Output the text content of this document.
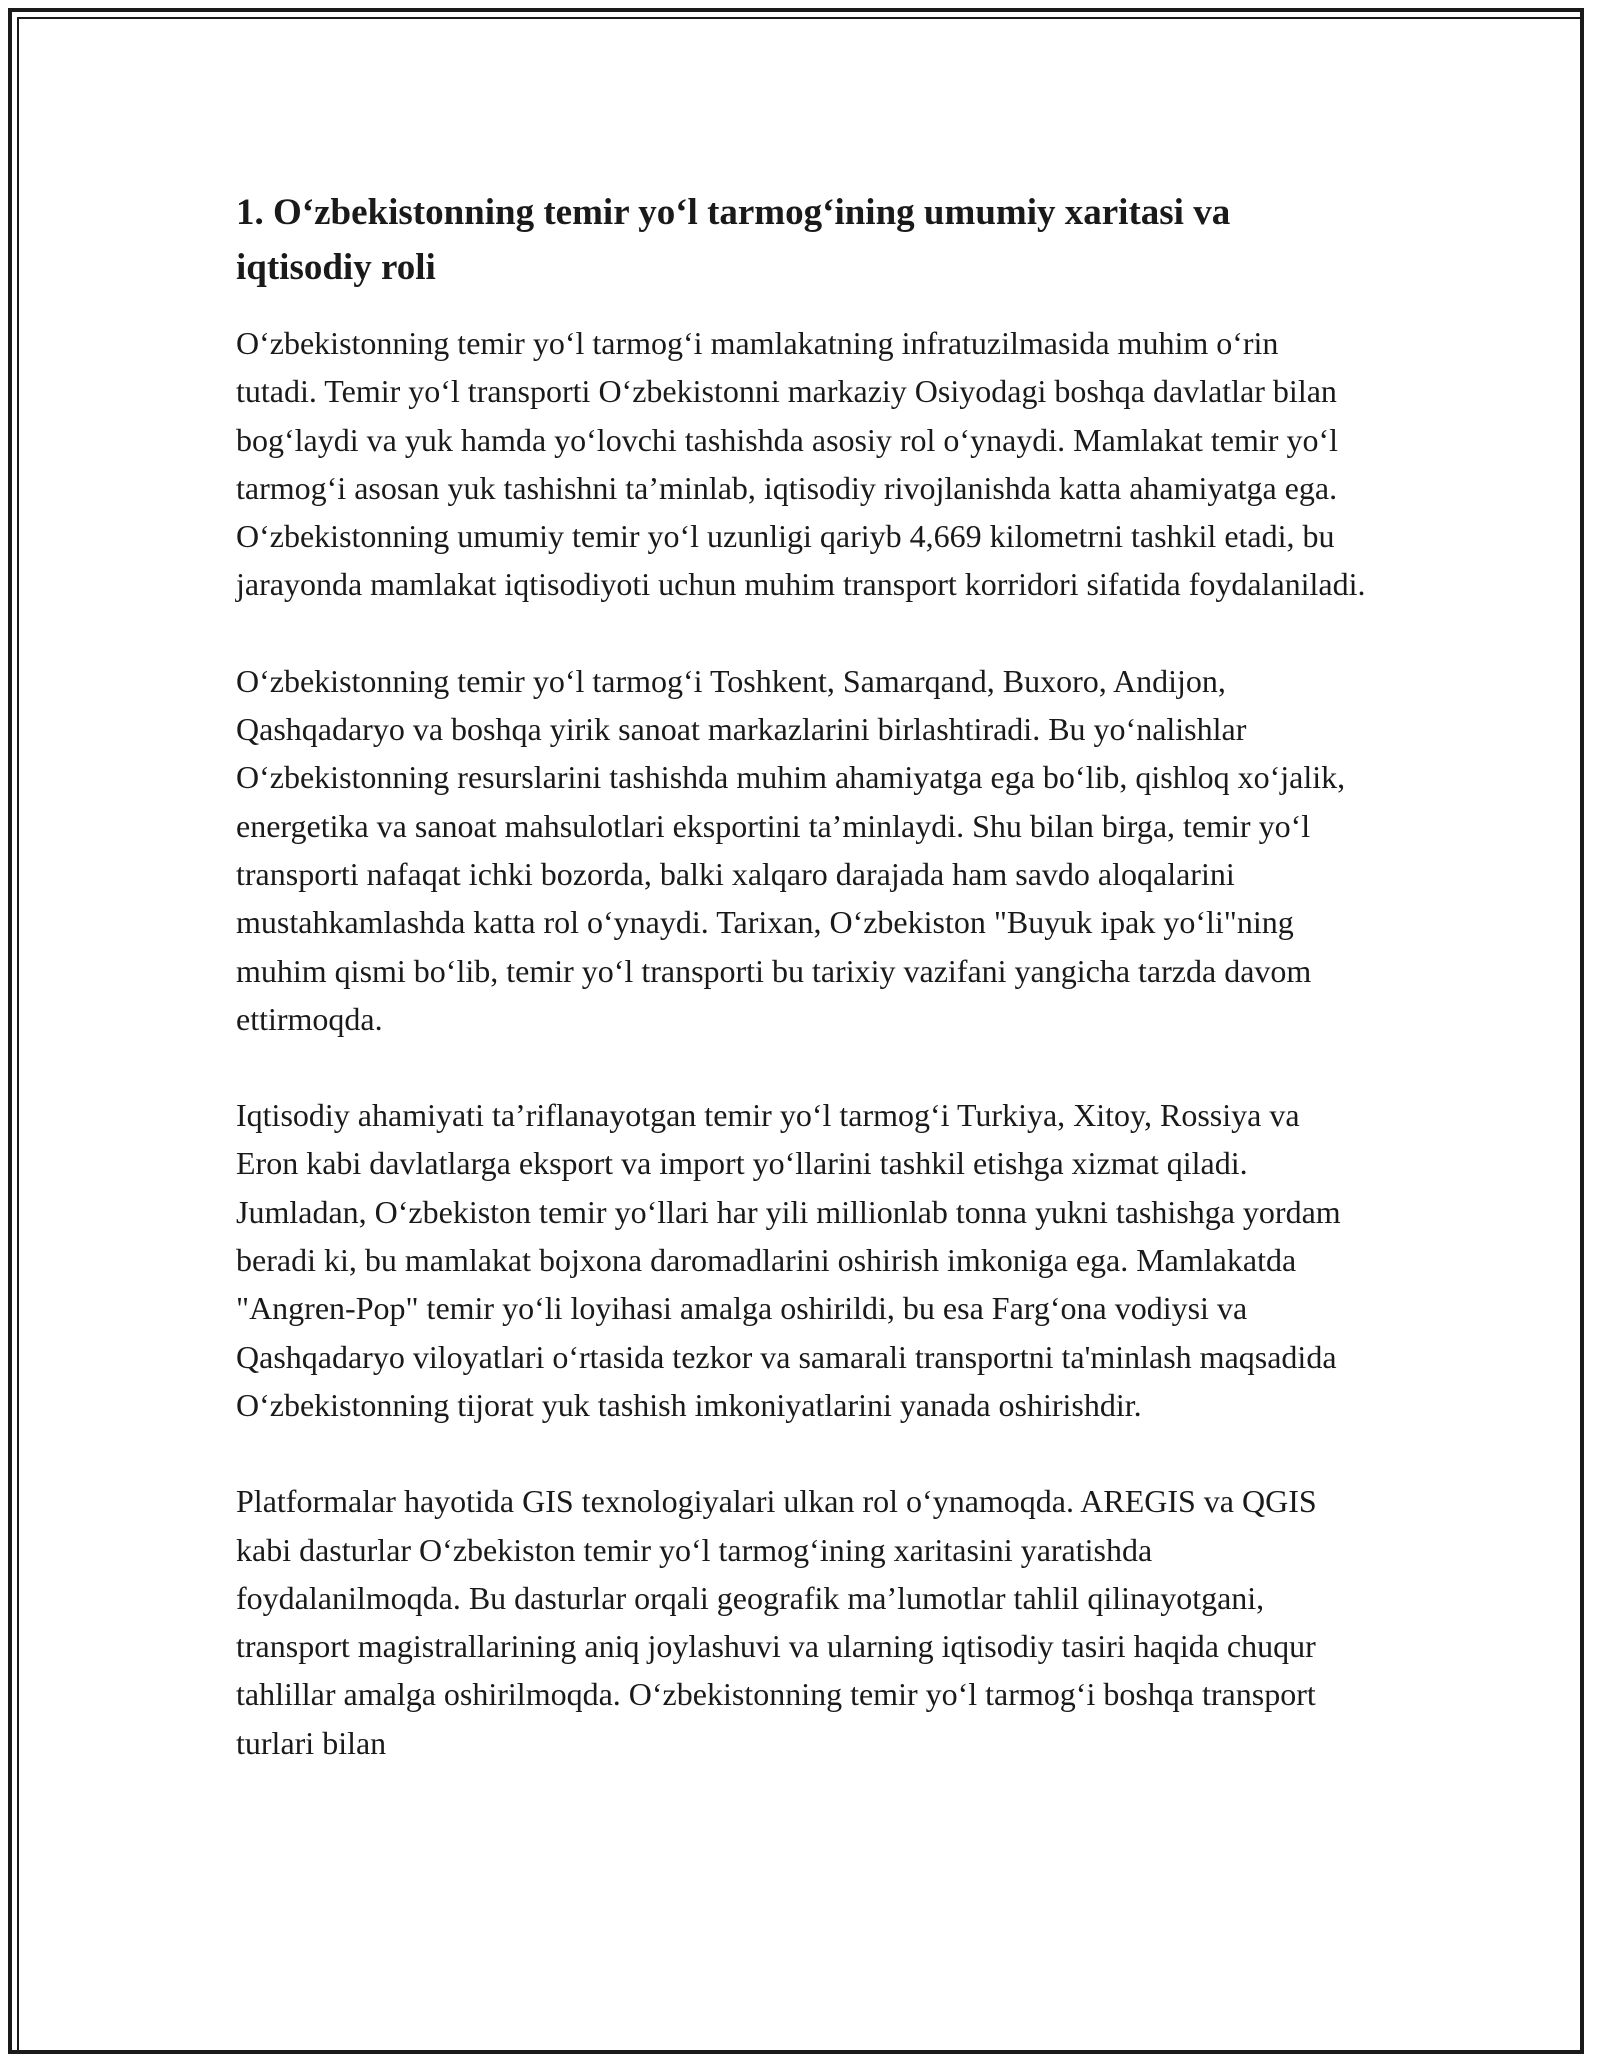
1. O‘zbekistonning temir yo‘l tarmog‘ining umumiy xaritasi va iqtisodiy roli

O‘zbekistonning temir yo‘l tarmog‘i mamlakatning infratuzilmasida muhim o‘rin tutadi. Temir yo‘l transporti O‘zbekistonni markaziy Osiyodagi boshqa davlatlar bilan bog‘laydi va yuk hamda yo‘lovchi tashishda asosiy rol o‘ynaydi. Mamlakat temir yo‘l tarmog‘i asosan yuk tashishni ta’minlab, iqtisodiy rivojlanishda katta ahamiyatga ega. O‘zbekistonning umumiy temir yo‘l uzunligi qariyb 4,669 kilometrni tashkil etadi, bu jarayonda mamlakat iqtisodiyoti uchun muhim transport korridori sifatida foydalaniladi.

O‘zbekistonning temir yo‘l tarmog‘i Toshkent, Samarqand, Buxoro, Andijon, Qashqadaryo va boshqa yirik sanoat markazlarini birlashtiradi. Bu yo‘nalishlar O‘zbekistonning resurslarini tashishda muhim ahamiyatga ega bo‘lib, qishloq xo‘jalik, energetika va sanoat mahsulotlari eksportini ta’minlaydi. Shu bilan birga, temir yo‘l transporti nafaqat ichki bozorda, balki xalqaro darajada ham savdo aloqalarini mustahkamlashda katta rol o‘ynaydi. Tarixan, O‘zbekiston "Buyuk ipak yo‘li"ning muhim qismi bo‘lib, temir yo‘l transporti bu tarixiy vazifani yangicha tarzda davom ettirmoqda.

Iqtisodiy ahamiyati ta’riflanayotgan temir yo‘l tarmog‘i Turkiya, Xitoy, Rossiya va Eron kabi davlatlarga eksport va import yo‘llarini tashkil etishga xizmat qiladi. Jumladan, O‘zbekiston temir yo‘llari har yili millionlab tonna yukni tashishga yordam beradi ki, bu mamlakat bojxona daromadlarini oshirish imkoniga ega. Mamlakatda "Angren-Pop" temir yo‘li loyihasi amalga oshirildi, bu esa Farg‘ona vodiysi va Qashqadaryo viloyatlari o‘rtasida tezkor va samarali transportni ta'minlash maqsadida O‘zbekistonning tijorat yuk tashish imkoniyatlarini yanada oshirishdir.

Platformalar hayotida GIS texnologiyalari ulkan rol o‘ynamoqda. AREGIS va QGIS kabi dasturlar O‘zbekiston temir yo‘l tarmog‘ining xaritasini yaratishda foydalanilmoqda. Bu dasturlar orqali geografik ma’lumotlar tahlil qilinayotgani, transport magistrallarining aniq joylashuvi va ularning iqtisodiy tasiri haqida chuqur tahlillar amalga oshirilmoqda. O‘zbekistonning temir yo‘l tarmog‘i boshqa transport turlari bilan
